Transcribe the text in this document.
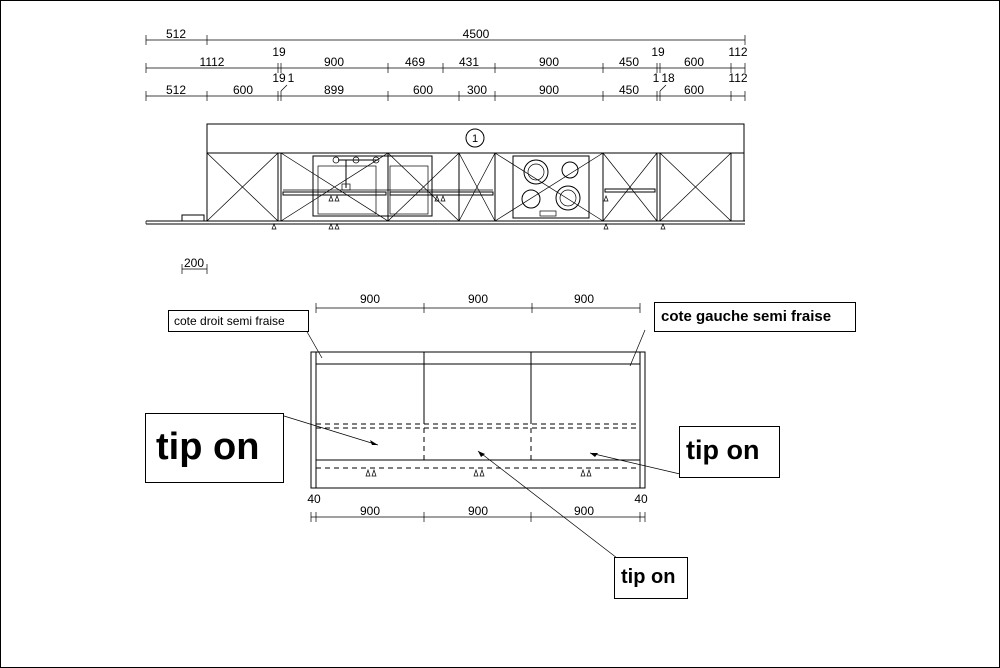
512	4500
1112
19
900	469	431	900	450
19
600
112
512	600
19 1
899	600	300	900	450
1 18
600
112
1
200
900	900	900
40	40
900	900	900
cote droit semi fraise	cote gauche semi fraise
tip on	tip on
tip on
